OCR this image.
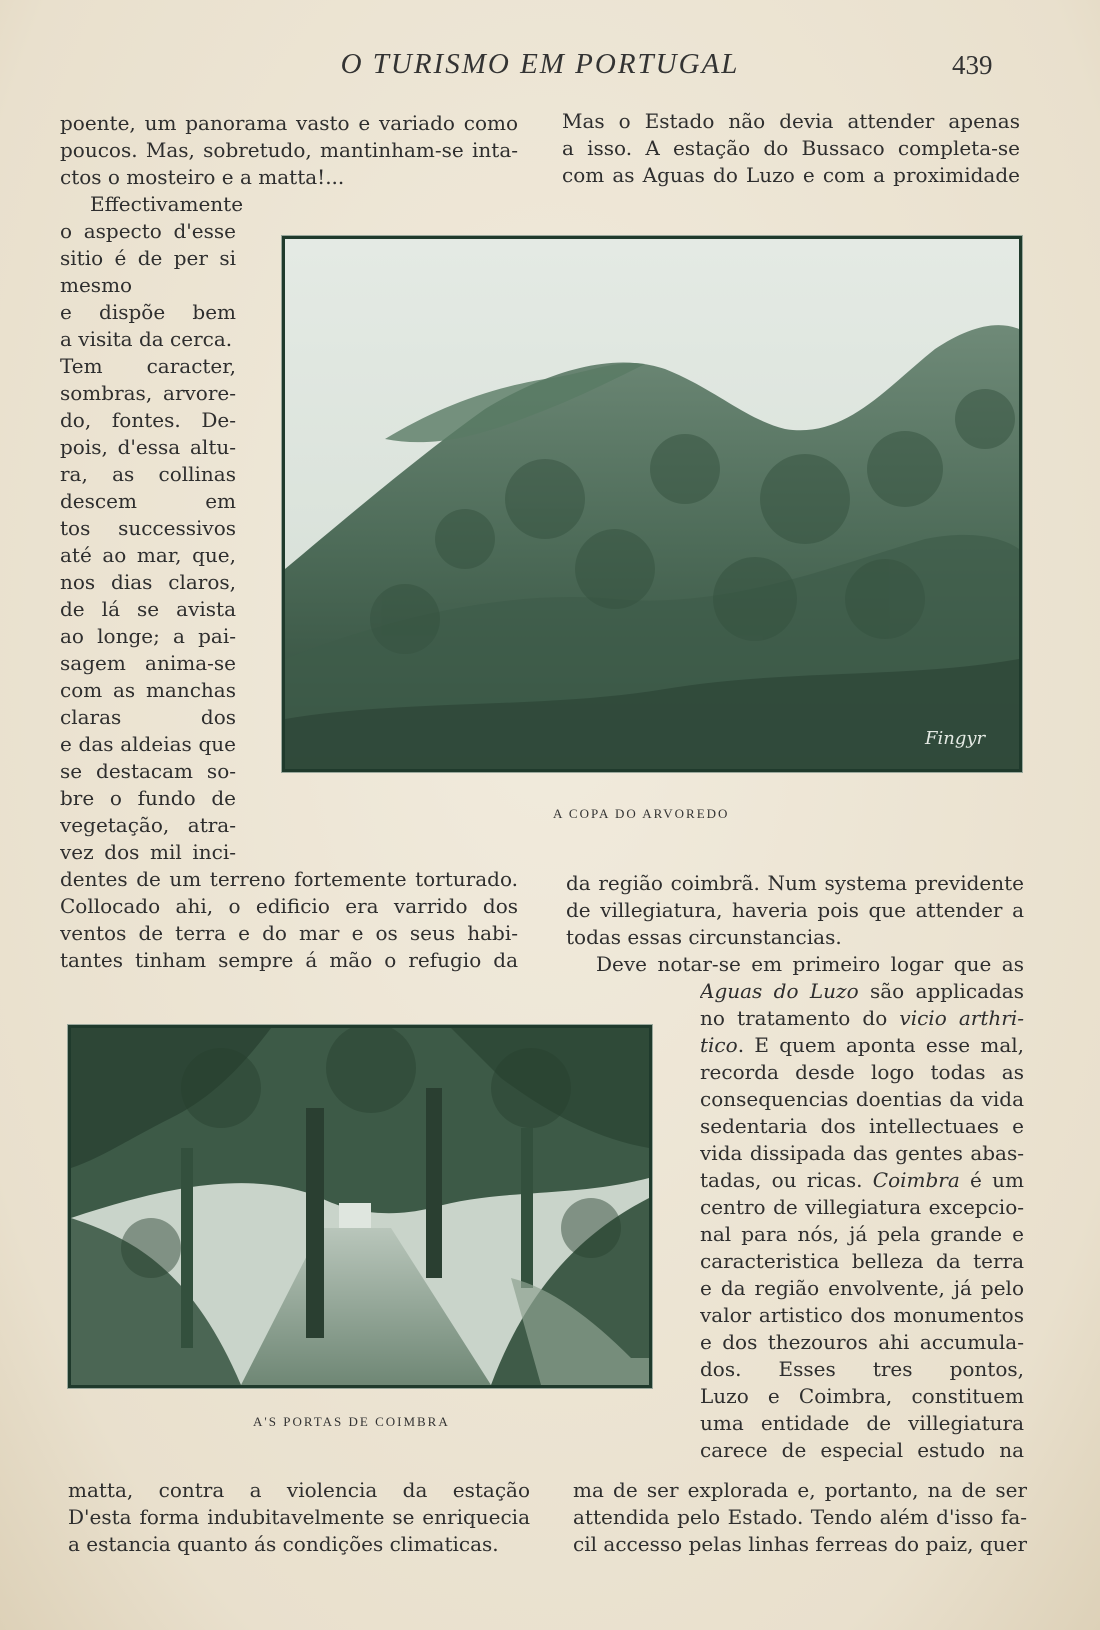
O TURISMO EM PORTUGAL	439
poente, um panorama vasto e variado como
poucos. Mas, sobretudo, mantinham-se inta-
ctos o mosteiro e a matta!...
Effectivamente
o aspecto d'esse
sitio é de per si
mesmo
e dispõe bem
a visita da cerca.
Tem caracter,
sombras, arvore-
do, fontes. De-
pois, d'essa altu-
ra, as collinas
descem em
tos successivos
até ao mar, que,
nos dias claros,
de lá se avista
ao longe; a pai-
sagem anima-se
com as manchas
claras dos
e das aldeias que
se destacam so-
bre o fundo de
vegetação, atra-
vez dos mil inci-
dentes de um terreno fortemente torturado.
Collocado ahi, o edificio era varrido dos
ventos de terra e do mar e os seus habi-
tantes tinham sempre á mão o refugio da
Mas o Estado não devia attender apenas
a isso. A estação do Bussaco completa-se
com as Aguas do Luzo e com a proximidade
Fingyr
A COPA DO ARVOREDO
da região coimbrã. Num systema previdente
de villegiatura, haveria pois que attender a
todas essas circunstancias.
Deve notar-se em primeiro logar que as
Aguas do Luzo são applicadas
no tratamento do vicio arthri-
tico. E quem aponta esse mal,
recorda desde logo todas as
consequencias doentias da vida
sedentaria dos intellectuaes e
vida dissipada das gentes abas-
tadas, ou ricas. Coimbra é um
centro de villegiatura excepcio-
nal para nós, já pela grande e
caracteristica belleza da terra
e da região envolvente, já pelo
valor artistico dos monumentos
e dos thezouros ahi accumula-
dos. Esses tres pontos,
Luzo e Coimbra, constituem
uma entidade de villegiatura
carece de especial estudo na
A'S PORTAS DE COIMBRA
matta, contra a violencia da estação
D'esta forma indubitavelmente se enriquecia
a estancia quanto ás condições climaticas.
ma de ser explorada e, portanto, na de ser
attendida pelo Estado. Tendo além d'isso fa-
cil accesso pelas linhas ferreas do paiz, quer
